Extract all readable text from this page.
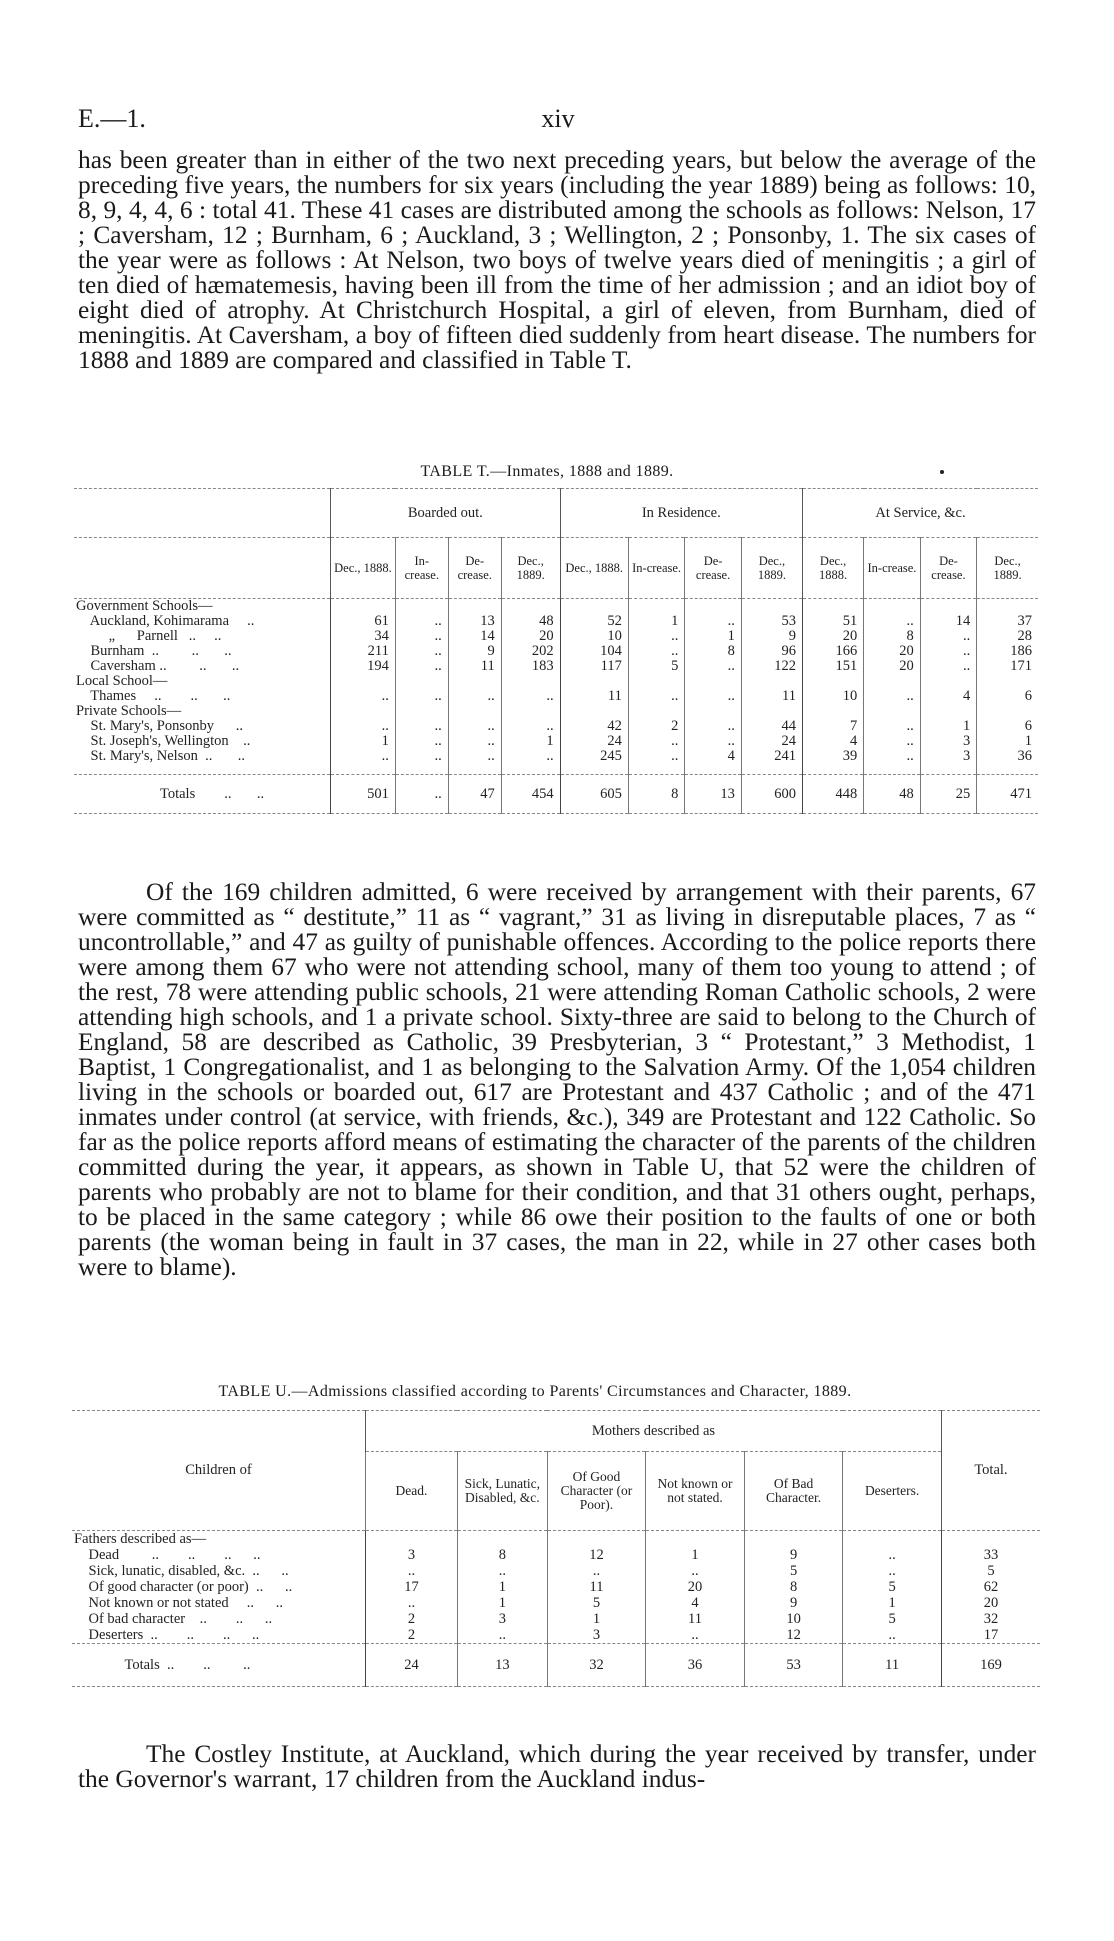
E.—1.	xiv

has been greater than in either of the two next preceding years, but below the average of the preceding five years, the numbers for six years (including the year 1889) being as follows: 10, 8, 9, 4, 4, 6 : total 41. These 41 cases are distributed among the schools as follows: Nelson, 17 ; Caversham, 12 ; Burnham, 6 ; Auckland, 3 ; Wellington, 2 ; Ponsonby, 1. The six cases of the year were as follows : At Nelson, two boys of twelve years died of meningitis ; a girl of ten died of hæmatemesis, having been ill from the time of her admission ; and an idiot boy of eight died of atrophy. At Christchurch Hospital, a girl of eleven, from Burnham, died of meningitis. At Caversham, a boy of fifteen died suddenly from heart disease. The numbers for 1888 and 1889 are compared and classified in Table T.

TABLE T.—Inmates, 1888 and 1889.
	Boarded out.				In Residence.				At Service, &c.			
	Dec., 1888.	In-crease.	De-crease.	Dec., 1889.	Dec., 1888.	In-crease.	De-crease.	Dec., 1889.	Dec., 1888.	In-crease.	De-crease.	Dec., 1889.
Government Schools—												
Auckland, Kohimarama     ..	61	..	13	48	52	1	..	53	51	..	14	37
„      Parnell   ..     ..	34	..	14	20	10	..	1	9	20	8	..	28
Burnham  ..         ..       ..	211	..	9	202	104	..	8	96	166	20	..	186
Caversham ..         ..       ..	194	..	11	183	117	5	..	122	151	20	..	171
Local School—												
Thames     ..        ..       ..	..	..	..	..	11	..	..	11	10	..	4	6
Private Schools—												
St. Mary's, Ponsonby      ..	..	..	..	..	42	2	..	44	7	..	1	6
St. Joseph's, Wellington    ..	1	..	..	1	24	..	..	24	4	..	3	1
St. Mary's, Nelson  ..       ..	..	..	..	..	245	..	4	241	39	..	3	36

Totals        ..       ..	501	..	47	454	605	8	13	600	448	48	25	471

Of the 169 children admitted, 6 were received by arrangement with their parents, 67 were committed as “ destitute,” 11 as “ vagrant,” 31 as living in disreputable places, 7 as “ uncontrollable,” and 47 as guilty of punishable offences. According to the police reports there were among them 67 who were not attending school, many of them too young to attend ; of the rest, 78 were attending public schools, 21 were attending Roman Catholic schools, 2 were attending high schools, and 1 a private school. Sixty-three are said to belong to the Church of England, 58 are described as Catholic, 39 Presbyterian, 3 “ Protestant,” 3 Methodist, 1 Baptist, 1 Congregationalist, and 1 as belonging to the Salvation Army. Of the 1,054 children living in the schools or boarded out, 617 are Protestant and 437 Catholic ; and of the 471 inmates under control (at service, with friends, &c.), 349 are Protestant and 122 Catholic. So far as the police reports afford means of estimating the character of the parents of the children committed during the year, it appears, as shown in Table U, that 52 were the children of parents who probably are not to blame for their condition, and that 31 others ought, perhaps, to be placed in the same category ; while 86 owe their position to the faults of one or both parents (the woman being in fault in 37 cases, the man in 22, while in 27 other cases both were to blame).

TABLE U.—Admissions classified according to Parents' Circumstances and Character, 1889.
Children of	Mothers described as						Total.
	Dead.	Sick, Lunatic, Disabled, &c.	Of Good Character (or Poor).	Not known or not stated.	Of Bad Character.	Deserters.	
Fathers described as—							
Dead         ..        ..        ..      ..	3	8	12	1	9	..	33
Sick, lunatic, disabled, &c.  ..      ..	..	..	..	..	5	..	5
Of good character (or poor)  ..      ..	17	1	11	20	8	5	62
Not known or not stated     ..      ..	..	1	5	4	9	1	20
Of bad character    ..        ..      ..	2	3	1	11	10	5	32
Deserters  ..        ..        ..      ..	2	..	3	..	12	..	17
Totals  ..        ..         ..	24	13	32	36	53	11	169

The Costley Institute, at Auckland, which during the year received by transfer, under the Governor's warrant, 17 children from the Auckland indus-
